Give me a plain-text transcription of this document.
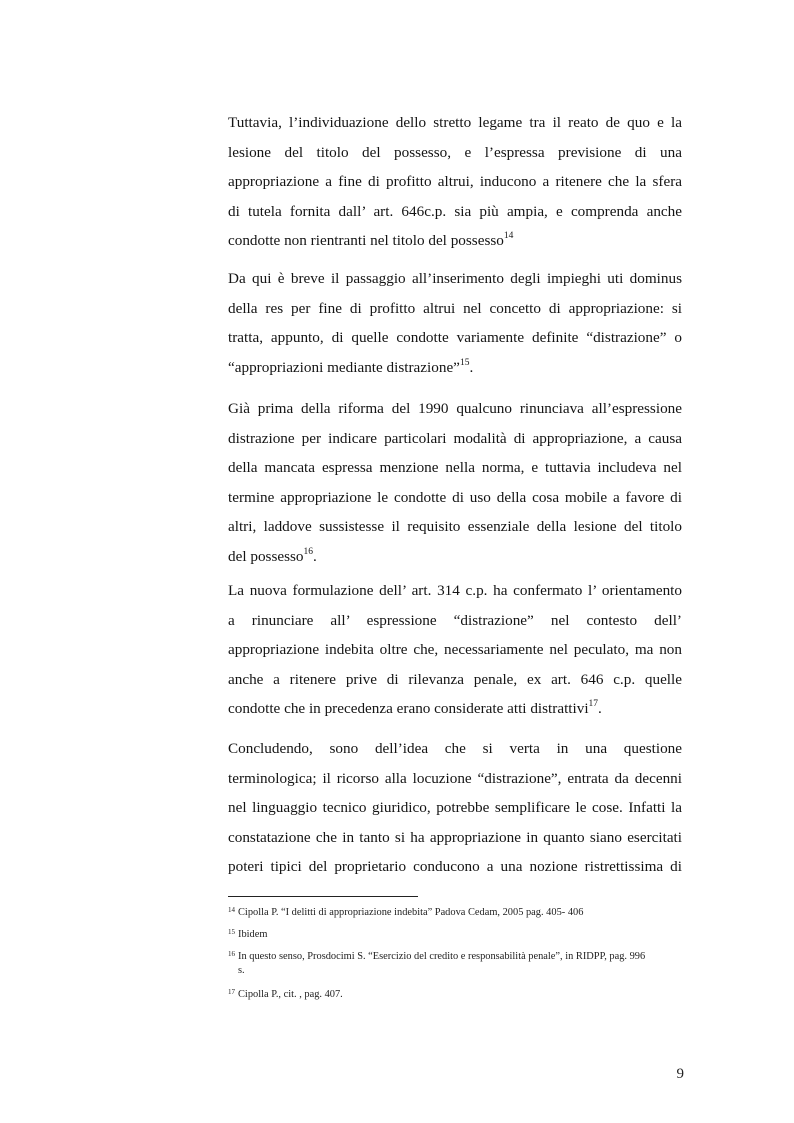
Tuttavia, l’individuazione dello stretto legame tra il reato de quo e la
lesione del titolo del possesso, e l’espressa previsione di una
appropriazione a fine di profitto altrui, inducono a ritenere che la sfera
di tutela fornita dall’ art. 646c.p. sia più ampia, e comprenda anche
condotte non rientranti nel titolo del possesso$^{14}$
Da qui è breve il passaggio all’inserimento degli impieghi uti dominus
della res per fine di profitto altrui nel concetto di appropriazione: si
tratta, appunto, di quelle condotte variamente definite “distrazione” o
“appropriazioni mediante distrazione”$^{15}$.
Già prima della riforma del 1990 qualcuno rinunciava all’espressione
distrazione per indicare particolari modalità di appropriazione, a causa
della mancata espressa menzione nella norma, e tuttavia includeva nel
termine appropriazione le condotte di uso della cosa mobile a favore di
altri, laddove sussistesse il requisito essenziale della lesione del titolo
del possesso$^{16}$.
La nuova formulazione dell’ art. 314 c.p. ha confermato l’ orientamento
a rinunciare all’ espressione “distrazione” nel contesto dell’
appropriazione indebita oltre che, necessariamente nel peculato, ma non
anche a ritenere prive di rilevanza penale, ex art. 646 c.p. quelle
condotte che in precedenza erano considerate atti distrattivi$^{17}$.
Concludendo, sono dell’idea che si verta in una questione
terminologica; il ricorso alla locuzione “distrazione”, entrata da decenni
nel linguaggio tecnico giuridico, potrebbe semplificare le cose. Infatti la
constatazione che in tanto si ha appropriazione in quanto siano esercitati
poteri tipici del proprietario conducono a una nozione ristrettissima di
$^{14}$ Cipolla P. “I delitti di appropriazione indebita” Padova Cedam, 2005 pag. 405- 406
$^{15}$ Ibidem
$^{16}$ In questo senso, Prosdocimi S. “Esercizio del credito e responsabilità penale”, in RIDPP, pag. 996
s.
$^{17}$ Cipolla P., cit. , pag. 407.
9
